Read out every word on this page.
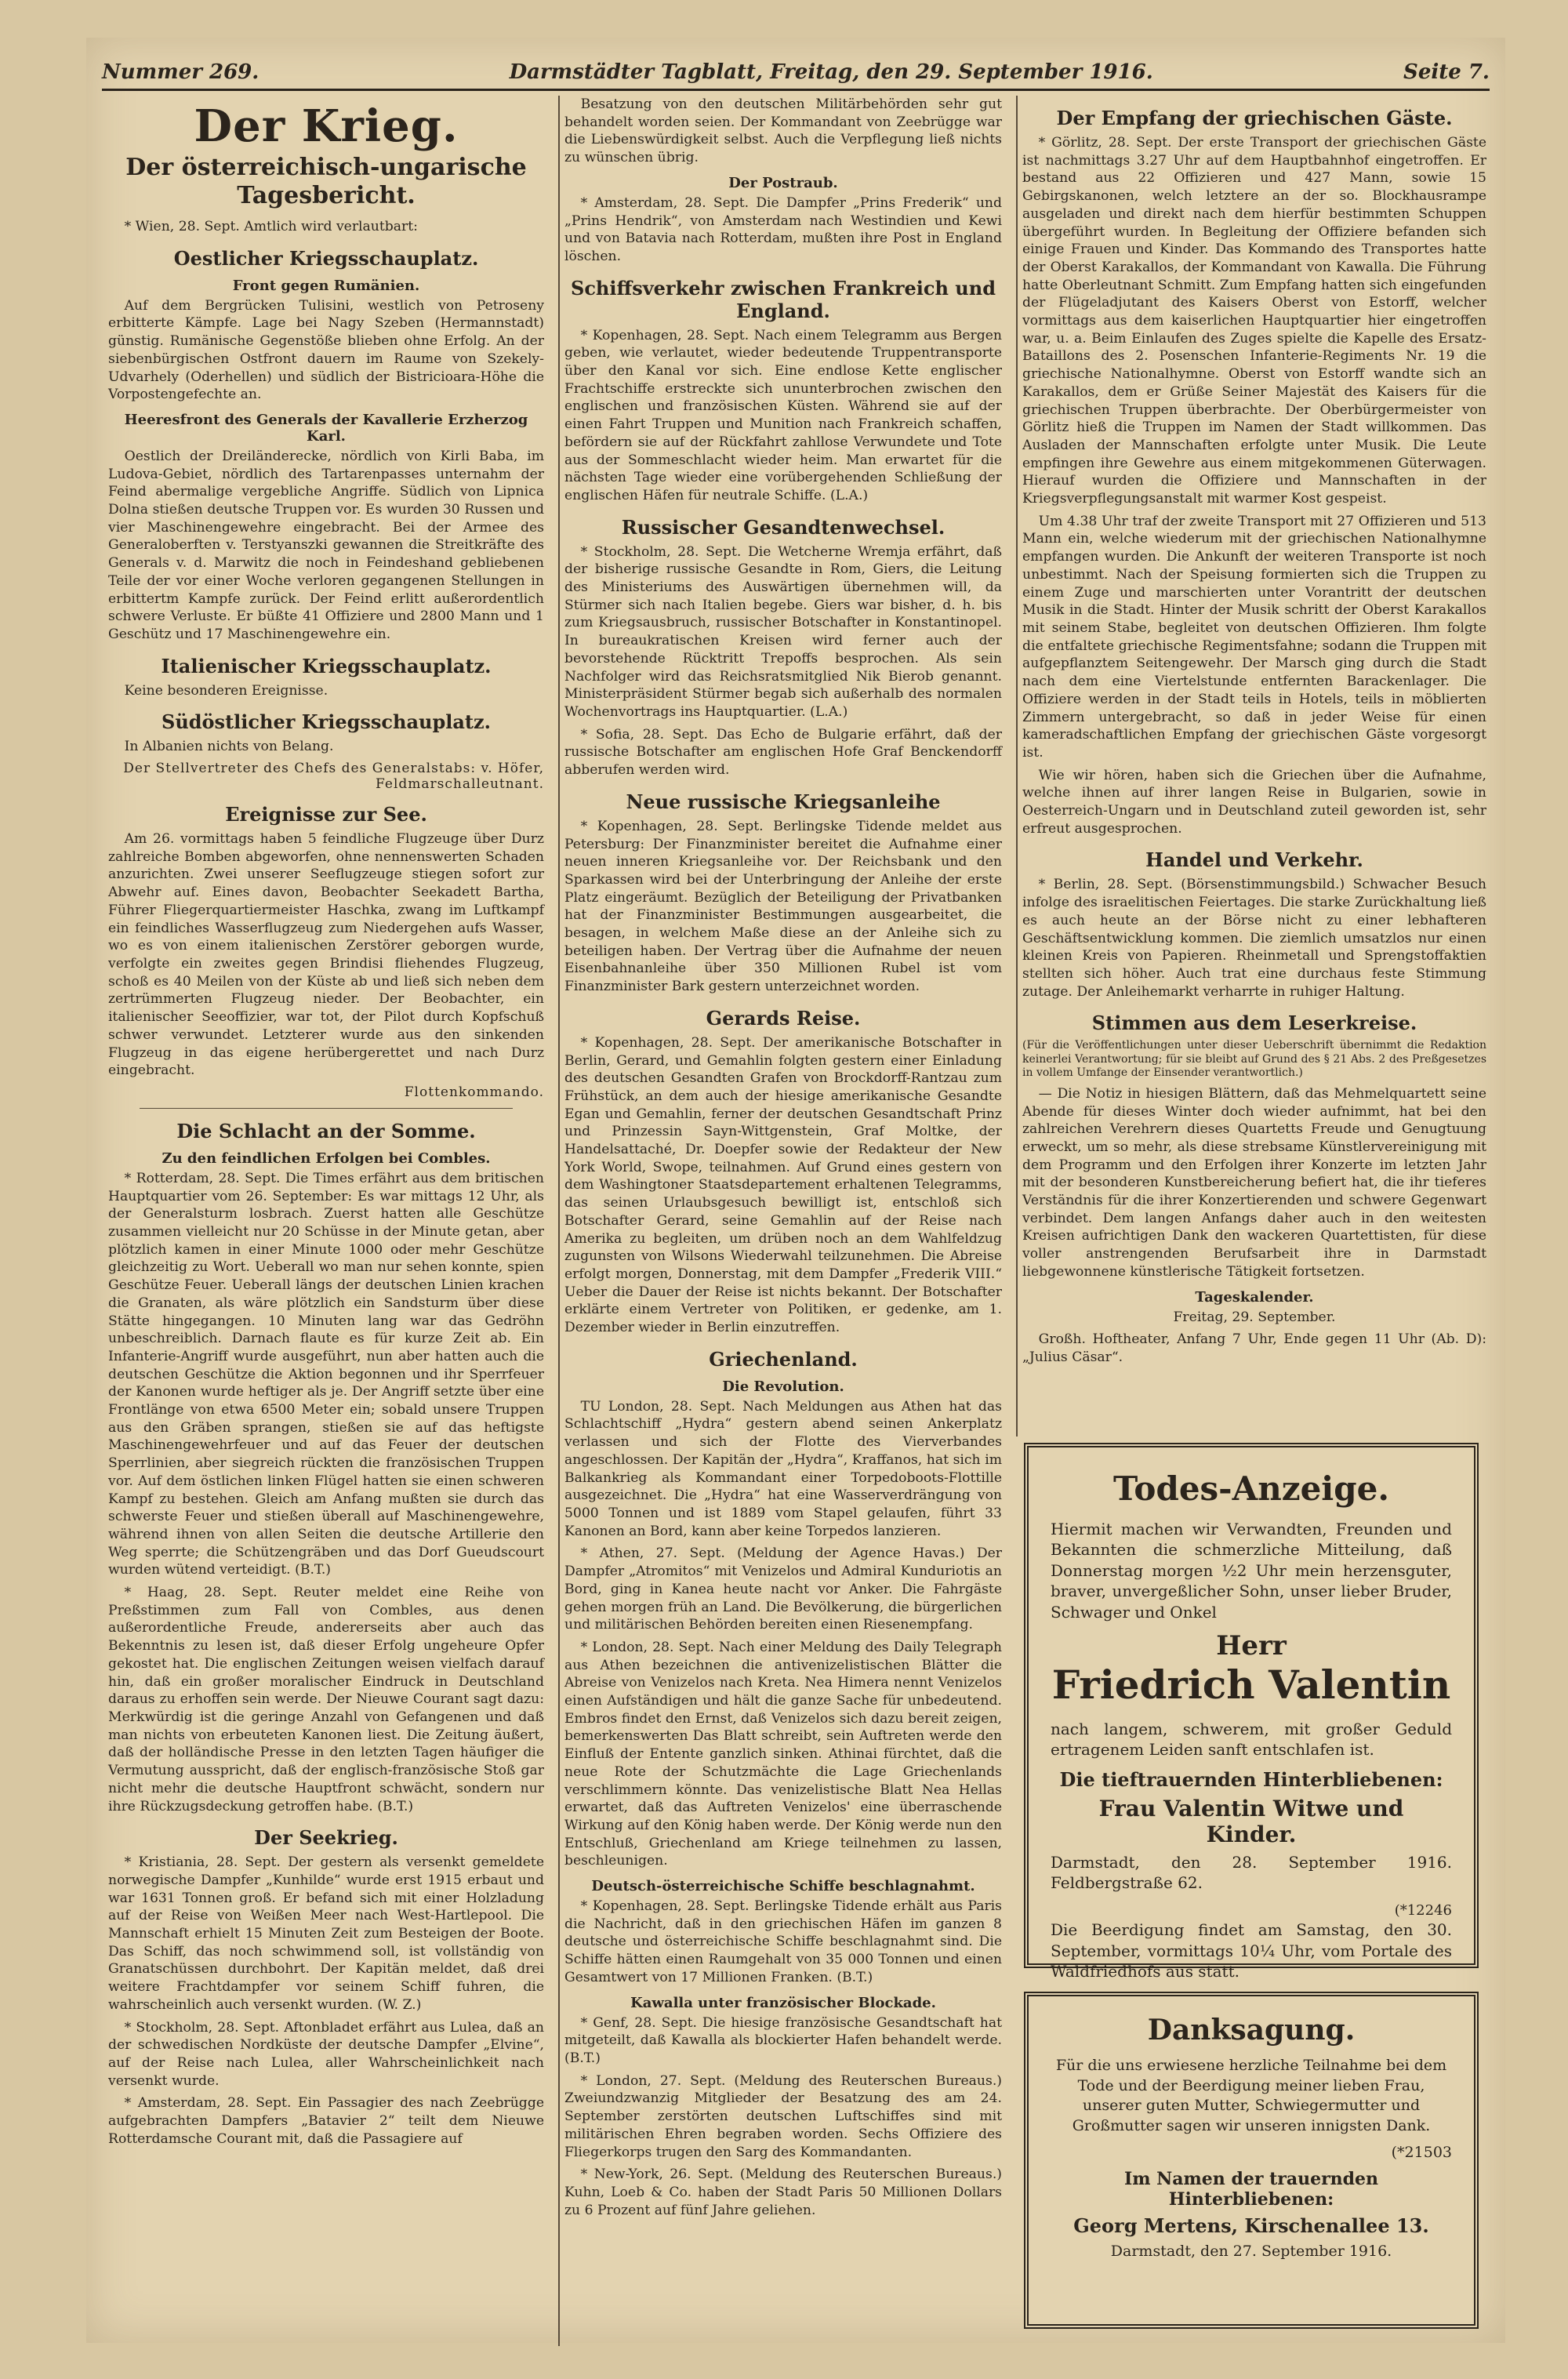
Nummer 269.	Darmstädter Tagblatt, Freitag, den 29. September 1916.	Seite 7.
Der Krieg.
Der österreichisch-ungarische Tagesbericht.

* Wien, 28. Sept. Amtlich wird verlautbart:

Oestlicher Kriegsschauplatz.
Front gegen Rumänien.

Auf dem Bergrücken Tulisini, westlich von Petroseny erbitterte Kämpfe. Lage bei Nagy Szeben (Hermannstadt) günstig. Rumänische Gegenstöße blieben ohne Erfolg. An der siebenbürgischen Ostfront dauern im Raume von Szekely-Udvarhely (Oderhellen) und südlich der Bistricioara-Höhe die Vorpostengefechte an.

Heeresfront des Generals der Kavallerie Erzherzog Karl.

Oestlich der Dreiländerecke, nördlich von Kirli Baba, im Ludova-Gebiet, nördlich des Tartarenpasses unternahm der Feind abermalige vergebliche Angriffe. Südlich von Lipnica Dolna stießen deutsche Truppen vor. Es wurden 30 Russen und vier Maschinengewehre eingebracht. Bei der Armee des Generaloberften v. Terstyanszki gewannen die Streitkräfte des Generals v. d. Marwitz die noch in Feindeshand gebliebenen Teile der vor einer Woche verloren gegangenen Stellungen in erbittertm Kampfe zurück. Der Feind erlitt außerordentlich schwere Verluste. Er büßte 41 Offiziere und 2800 Mann und 1 Geschütz und 17 Maschinengewehre ein.

Italienischer Kriegsschauplatz.

Keine besonderen Ereignisse.

Südöstlicher Kriegsschauplatz.

In Albanien nichts von Belang.

Der Stellvertreter des Chefs des Generalstabs: v. Höfer, Feldmarschalleutnant.

Ereignisse zur See.

Am 26. vormittags haben 5 feindliche Flugzeuge über Durz zahlreiche Bomben abgeworfen, ohne nennenswerten Schaden anzurichten. Zwei unserer Seeflugzeuge stiegen sofort zur Abwehr auf. Eines davon, Beobachter Seekadett Bartha, Führer Fliegerquartiermeister Haschka, zwang im Luftkampf ein feindliches Wasserflugzeug zum Niedergehen aufs Wasser, wo es von einem italienischen Zerstörer geborgen wurde, verfolgte ein zweites gegen Brindisi fliehendes Flugzeug, schoß es 40 Meilen von der Küste ab und ließ sich neben dem zertrümmerten Flugzeug nieder. Der Beobachter, ein italienischer Seeoffizier, war tot, der Pilot durch Kopfschuß schwer verwundet. Letzterer wurde aus den sinkenden Flugzeug in das eigene herübergerettet und nach Durz eingebracht.

Flottenkommando.

Die Schlacht an der Somme.
Zu den feindlichen Erfolgen bei Combles.

* Rotterdam, 28. Sept. Die Times erfährt aus dem britischen Hauptquartier vom 26. September: Es war mittags 12 Uhr, als der Generalsturm losbrach. Zuerst hatten alle Geschütze zusammen vielleicht nur 20 Schüsse in der Minute getan, aber plötzlich kamen in einer Minute 1000 oder mehr Geschütze gleichzeitig zu Wort. Ueberall wo man nur sehen konnte, spien Geschütze Feuer. Ueberall längs der deutschen Linien krachen die Granaten, als wäre plötzlich ein Sandsturm über diese Stätte hingegangen. 10 Minuten lang war das Gedröhn unbeschreiblich. Darnach flaute es für kurze Zeit ab. Ein Infanterie-Angriff wurde ausgeführt, nun aber hatten auch die deutschen Geschütze die Aktion begonnen und ihr Sperrfeuer der Kanonen wurde heftiger als je. Der Angriff setzte über eine Frontlänge von etwa 6500 Meter ein; sobald unsere Truppen aus den Gräben sprangen, stießen sie auf das heftigste Maschinengewehrfeuer und auf das Feuer der deutschen Sperrlinien, aber siegreich rückten die französischen Truppen vor. Auf dem östlichen linken Flügel hatten sie einen schweren Kampf zu bestehen. Gleich am Anfang mußten sie durch das schwerste Feuer und stießen überall auf Maschinengewehre, während ihnen von allen Seiten die deutsche Artillerie den Weg sperrte; die Schützengräben und das Dorf Gueudscourt wurden wütend verteidigt. (B.T.)

* Haag, 28. Sept. Reuter meldet eine Reihe von Preßstimmen zum Fall von Combles, aus denen außerordentliche Freude, andererseits aber auch das Bekenntnis zu lesen ist, daß dieser Erfolg ungeheure Opfer gekostet hat. Die englischen Zeitungen weisen vielfach darauf hin, daß ein großer moralischer Eindruck in Deutschland daraus zu erhoffen sein werde. Der Nieuwe Courant sagt dazu: Merkwürdig ist die geringe Anzahl von Gefangenen und daß man nichts von erbeuteten Kanonen liest. Die Zeitung äußert, daß der holländische Presse in den letzten Tagen häufiger die Vermutung ausspricht, daß der englisch-französische Stoß gar nicht mehr die deutsche Hauptfront schwächt, sondern nur ihre Rückzugsdeckung getroffen habe. (B.T.)

Der Seekrieg.

* Kristiania, 28. Sept. Der gestern als versenkt gemeldete norwegische Dampfer „Kunhilde“ wurde erst 1915 erbaut und war 1631 Tonnen groß. Er befand sich mit einer Holzladung auf der Reise von Weißen Meer nach West-Hartlepool. Die Mannschaft erhielt 15 Minuten Zeit zum Besteigen der Boote. Das Schiff, das noch schwimmend soll, ist vollständig von Granatschüssen durchbohrt. Der Kapitän meldet, daß drei weitere Frachtdampfer vor seinem Schiff fuhren, die wahrscheinlich auch versenkt wurden. (W. Z.)

* Stockholm, 28. Sept. Aftonbladet erfährt aus Lulea, daß an der schwedischen Nordküste der deutsche Dampfer „Elvine“, auf der Reise nach Lulea, aller Wahrscheinlichkeit nach versenkt wurde.

* Amsterdam, 28. Sept. Ein Passagier des nach Zeebrügge aufgebrachten Dampfers „Batavier 2“ teilt dem Nieuwe Rotterdamsche Courant mit, daß die Passagiere auf

Besatzung von den deutschen Militärbehörden sehr gut behandelt worden seien. Der Kommandant von Zeebrügge war die Liebenswürdigkeit selbst. Auch die Verpflegung ließ nichts zu wünschen übrig.

Der Postraub.

* Amsterdam, 28. Sept. Die Dampfer „Prins Frederik“ und „Prins Hendrik“, von Amsterdam nach Westindien und Kewi und von Batavia nach Rotterdam, mußten ihre Post in England löschen.

Schiffsverkehr zwischen Frankreich und England.

* Kopenhagen, 28. Sept. Nach einem Telegramm aus Bergen geben, wie verlautet, wieder bedeutende Truppentransporte über den Kanal vor sich. Eine endlose Kette englischer Frachtschiffe erstreckte sich ununterbrochen zwischen den englischen und französischen Küsten. Während sie auf der einen Fahrt Truppen und Munition nach Frankreich schaffen, befördern sie auf der Rückfahrt zahllose Verwundete und Tote aus der Sommeschlacht wieder heim. Man erwartet für die nächsten Tage wieder eine vorübergehenden Schließung der englischen Häfen für neutrale Schiffe. (L.A.)

Russischer Gesandtenwechsel.

* Stockholm, 28. Sept. Die Wetcherne Wremja erfährt, daß der bisherige russische Gesandte in Rom, Giers, die Leitung des Ministeriums des Auswärtigen übernehmen will, da Stürmer sich nach Italien begebe. Giers war bisher, d. h. bis zum Kriegsausbruch, russischer Botschafter in Konstantinopel. In bureaukratischen Kreisen wird ferner auch der bevorstehende Rücktritt Trepoffs besprochen. Als sein Nachfolger wird das Reichsratsmitglied Nik Bierob genannt. Ministerpräsident Stürmer begab sich außerhalb des normalen Wochenvortrags ins Hauptquartier. (L.A.)

* Sofia, 28. Sept. Das Echo de Bulgarie erfährt, daß der russische Botschafter am englischen Hofe Graf Benckendorff abberufen werden wird.

Neue russische Kriegsanleihe

* Kopenhagen, 28. Sept. Berlingske Tidende meldet aus Petersburg: Der Finanzminister bereitet die Aufnahme einer neuen inneren Kriegsanleihe vor. Der Reichsbank und den Sparkassen wird bei der Unterbringung der Anleihe der erste Platz eingeräumt. Bezüglich der Beteiligung der Privatbanken hat der Finanzminister Bestimmungen ausgearbeitet, die besagen, in welchem Maße diese an der Anleihe sich zu beteiligen haben. Der Vertrag über die Aufnahme der neuen Eisenbahnanleihe über 350 Millionen Rubel ist vom Finanzminister Bark gestern unterzeichnet worden.

Gerards Reise.

* Kopenhagen, 28. Sept. Der amerikanische Botschafter in Berlin, Gerard, und Gemahlin folgten gestern einer Einladung des deutschen Gesandten Grafen von Brockdorff-Rantzau zum Frühstück, an dem auch der hiesige amerikanische Gesandte Egan und Gemahlin, ferner der deutschen Gesandtschaft Prinz und Prinzessin Sayn-Wittgenstein, Graf Moltke, der Handelsattaché, Dr. Doepfer sowie der Redakteur der New York World, Swope, teilnahmen. Auf Grund eines gestern von dem Washingtoner Staatsdepartement erhaltenen Telegramms, das seinen Urlaubsgesuch bewilligt ist, entschloß sich Botschafter Gerard, seine Gemahlin auf der Reise nach Amerika zu begleiten, um drüben noch an dem Wahlfeldzug zugunsten von Wilsons Wiederwahl teilzunehmen. Die Abreise erfolgt morgen, Donnerstag, mit dem Dampfer „Frederik VIII.“ Ueber die Dauer der Reise ist nichts bekannt. Der Botschafter erklärte einem Vertreter von Politiken, er gedenke, am 1. Dezember wieder in Berlin einzutreffen.

Griechenland.
Die Revolution.

TU London, 28. Sept. Nach Meldungen aus Athen hat das Schlachtschiff „Hydra“ gestern abend seinen Ankerplatz verlassen und sich der Flotte des Vierverbandes angeschlossen. Der Kapitän der „Hydra“, Kraffanos, hat sich im Balkankrieg als Kommandant einer Torpedoboots-Flottille ausgezeichnet. Die „Hydra“ hat eine Wasserverdrängung von 5000 Tonnen und ist 1889 vom Stapel gelaufen, führt 33 Kanonen an Bord, kann aber keine Torpedos lanzieren.

* Athen, 27. Sept. (Meldung der Agence Havas.) Der Dampfer „Atromitos“ mit Venizelos und Admiral Kunduriotis an Bord, ging in Kanea heute nacht vor Anker. Die Fahrgäste gehen morgen früh an Land. Die Bevölkerung, die bürgerlichen und militärischen Behörden bereiten einen Riesenempfang.

* London, 28. Sept. Nach einer Meldung des Daily Telegraph aus Athen bezeichnen die antivenizelistischen Blätter die Abreise von Venizelos nach Kreta. Nea Himera nennt Venizelos einen Aufständigen und hält die ganze Sache für unbedeutend. Embros findet den Ernst, daß Venizelos sich dazu bereit zeigen, bemerkenswerten Das Blatt schreibt, sein Auftreten werde den Einfluß der Entente ganzlich sinken. Athinai fürchtet, daß die neue Rote der Schutzmächte die Lage Griechenlands verschlimmern könnte. Das venizelistische Blatt Nea Hellas erwartet, daß das Auftreten Venizelos' eine überraschende Wirkung auf den König haben werde. Der König werde nun den Entschluß, Griechenland am Kriege teilnehmen zu lassen, beschleunigen.

Deutsch-österreichische Schiffe beschlagnahmt.

* Kopenhagen, 28. Sept. Berlingske Tidende erhält aus Paris die Nachricht, daß in den griechischen Häfen im ganzen 8 deutsche und österreichische Schiffe beschlagnahmt sind. Die Schiffe hätten einen Raumgehalt von 35 000 Tonnen und einen Gesamtwert von 17 Millionen Franken. (B.T.)

Kawalla unter französischer Blockade.

* Genf, 28. Sept. Die hiesige französische Gesandtschaft hat mitgeteilt, daß Kawalla als blockierter Hafen behandelt werde. (B.T.)

* London, 27. Sept. (Meldung des Reuterschen Bureaus.) Zweiundzwanzig Mitglieder der Besatzung des am 24. September zerstörten deutschen Luftschiffes sind mit militärischen Ehren begraben worden. Sechs Offiziere des Fliegerkorps trugen den Sarg des Kommandanten.

* New-York, 26. Sept. (Meldung des Reuterschen Bureaus.) Kuhn, Loeb & Co. haben der Stadt Paris 50 Millionen Dollars zu 6 Prozent auf fünf Jahre geliehen.

Der Empfang der griechischen Gäste.

* Görlitz, 28. Sept. Der erste Transport der griechischen Gäste ist nachmittags 3.27 Uhr auf dem Hauptbahnhof eingetroffen. Er bestand aus 22 Offizieren und 427 Mann, sowie 15 Gebirgskanonen, welch letztere an der so. Blockhausrampe ausgeladen und direkt nach dem hierfür bestimmten Schuppen übergeführt wurden. In Begleitung der Offiziere befanden sich einige Frauen und Kinder. Das Kommando des Transportes hatte der Oberst Karakallos, der Kommandant von Kawalla. Die Führung hatte Oberleutnant Schmitt. Zum Empfang hatten sich eingefunden der Flügeladjutant des Kaisers Oberst von Estorff, welcher vormittags aus dem kaiserlichen Hauptquartier hier eingetroffen war, u. a. Beim Einlaufen des Zuges spielte die Kapelle des Ersatz-Bataillons des 2. Posenschen Infanterie-Regiments Nr. 19 die griechische Nationalhymne. Oberst von Estorff wandte sich an Karakallos, dem er Grüße Seiner Majestät des Kaisers für die griechischen Truppen überbrachte. Der Oberbürgermeister von Görlitz hieß die Truppen im Namen der Stadt willkommen. Das Ausladen der Mannschaften erfolgte unter Musik. Die Leute empfingen ihre Gewehre aus einem mitgekommenen Güterwagen. Hierauf wurden die Offiziere und Mannschaften in der Kriegsverpflegungsanstalt mit warmer Kost gespeist.

Um 4.38 Uhr traf der zweite Transport mit 27 Offizieren und 513 Mann ein, welche wiederum mit der griechischen Nationalhymne empfangen wurden. Die Ankunft der weiteren Transporte ist noch unbestimmt. Nach der Speisung formierten sich die Truppen zu einem Zuge und marschierten unter Vorantritt der deutschen Musik in die Stadt. Hinter der Musik schritt der Oberst Karakallos mit seinem Stabe, begleitet von deutschen Offizieren. Ihm folgte die entfaltete griechische Regimentsfahne; sodann die Truppen mit aufgepflanztem Seitengewehr. Der Marsch ging durch die Stadt nach dem eine Viertelstunde entfernten Barackenlager. Die Offiziere werden in der Stadt teils in Hotels, teils in möblierten Zimmern untergebracht, so daß in jeder Weise für einen kameradschaftlichen Empfang der griechischen Gäste vorgesorgt ist.

Wie wir hören, haben sich die Griechen über die Aufnahme, welche ihnen auf ihrer langen Reise in Bulgarien, sowie in Oesterreich-Ungarn und in Deutschland zuteil geworden ist, sehr erfreut ausgesprochen.

Handel und Verkehr.

* Berlin, 28. Sept. (Börsenstimmungsbild.) Schwacher Besuch infolge des israelitischen Feiertages. Die starke Zurückhaltung ließ es auch heute an der Börse nicht zu einer lebhafteren Geschäftsentwicklung kommen. Die ziemlich umsatzlos nur einen kleinen Kreis von Papieren. Rheinmetall und Sprengstoffaktien stellten sich höher. Auch trat eine durchaus feste Stimmung zutage. Der Anleihemarkt verharrte in ruhiger Haltung.

Stimmen aus dem Leserkreise.

(Für die Veröffentlichungen unter dieser Ueberschrift übernimmt die Redaktion keinerlei Verantwortung; für sie bleibt auf Grund des § 21 Abs. 2 des Preßgesetzes in vollem Umfange der Einsender verantwortlich.)

— Die Notiz in hiesigen Blättern, daß das Mehmelquartett seine Abende für dieses Winter doch wieder aufnimmt, hat bei den zahlreichen Verehrern dieses Quartetts Freude und Genugtuung erweckt, um so mehr, als diese strebsame Künstlervereinigung mit dem Programm und den Erfolgen ihrer Konzerte im letzten Jahr mit der besonderen Kunstbereicherung befiert hat, die ihr tieferes Verständnis für die ihrer Konzertierenden und schwere Gegenwart verbindet. Dem langen Anfangs daher auch in den weitesten Kreisen aufrichtigen Dank den wackeren Quartettisten, für diese voller anstrengenden Berufsarbeit ihre in Darmstadt liebgewonnene künstlerische Tätigkeit fortsetzen.

Tageskalender.

Freitag, 29. September.

Großh. Hoftheater, Anfang 7 Uhr, Ende gegen 11 Uhr (Ab. D): „Julius Cäsar“.

Todes-Anzeige.

Hiermit machen wir Verwandten, Freunden und Bekannten die schmerzliche Mitteilung, daß Donnerstag morgen ½2 Uhr mein herzensguter, braver, unvergeßlicher Sohn, unser lieber Bruder, Schwager und Onkel

Herr
Friedrich Valentin

nach langem, schwerem, mit großer Geduld ertragenem Leiden sanft entschlafen ist.

Die tieftrauernden Hinterbliebenen:
Frau Valentin Witwe und Kinder.

Darmstadt, den 28. September 1916. Feldbergstraße 62.

(*12246

Die Beerdigung findet am Samstag, den 30. September, vormittags 10¼ Uhr, vom Portale des Waldfriedhofs aus statt.

Danksagung.

Für die uns erwiesene herzliche Teilnahme bei dem Tode und der Beerdigung meiner lieben Frau, unserer guten Mutter, Schwiegermutter und Großmutter sagen wir unseren innigsten Dank.

(*21503

Im Namen der trauernden Hinterbliebenen:
Georg Mertens, Kirschenallee 13.

Darmstadt, den 27. September 1916.
